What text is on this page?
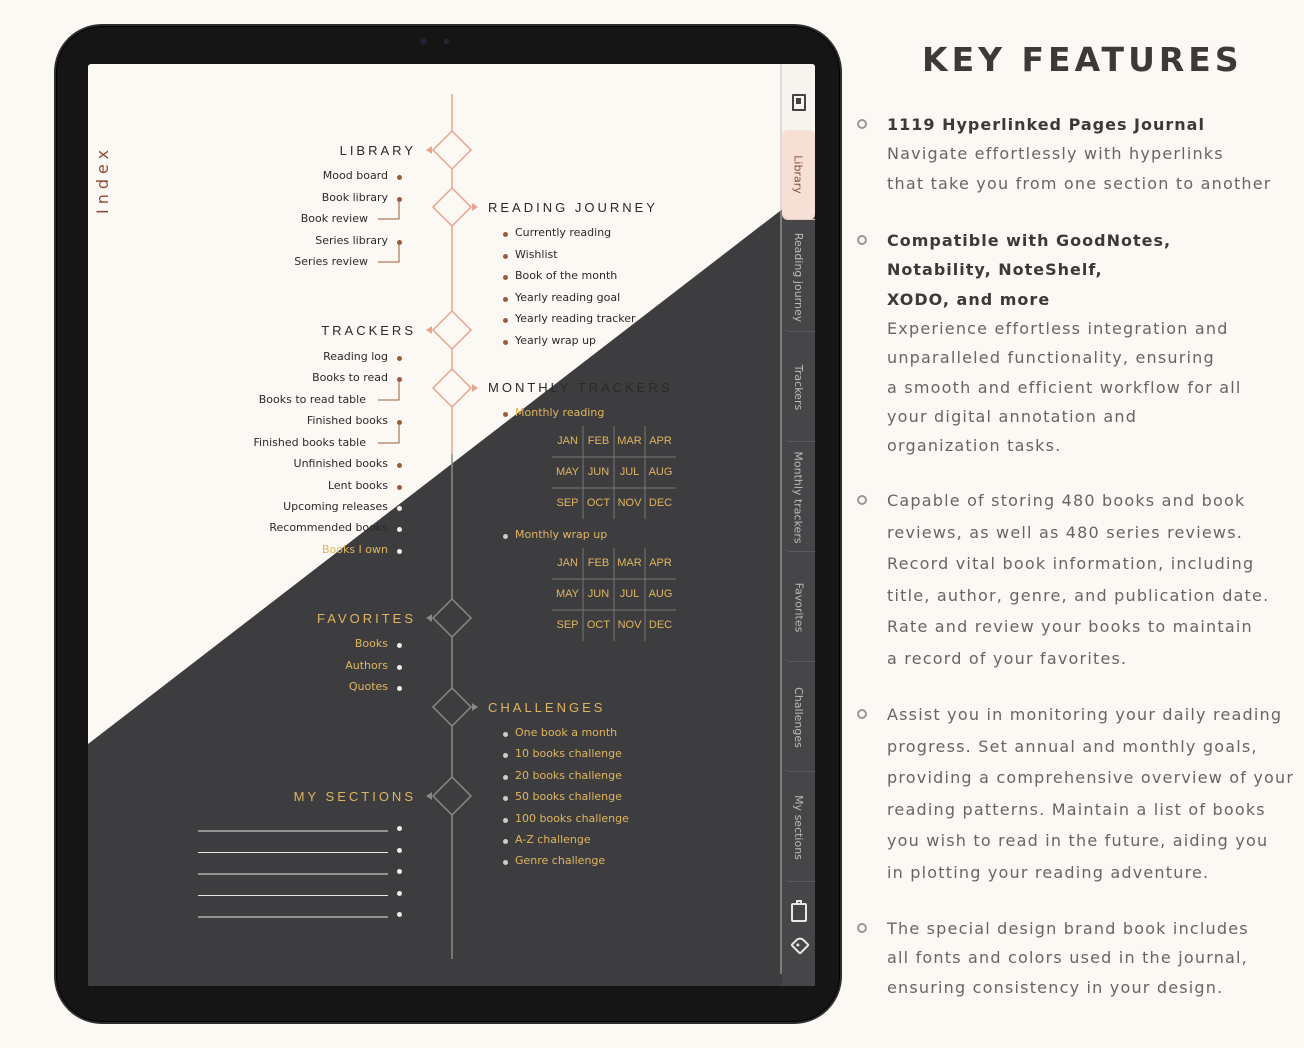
Index	LIBRARY
READING JOURNEY
TRACKERS
MONTHLY TRACKERS
FAVORITES
CHALLENGES
MY SECTIONS
Mood board
Book library
Book review
Series library
Series review
Currently reading
Wishlist
Book of the month
Yearly reading goal
Yearly reading tracker
Yearly wrap up
Reading log
Books to read
Books to read table
Finished books
Finished books table
Unfinished books
Lent books
Upcoming releases
Recommended books
Books I own
Monthly reading
JAN FEB MAR APR
MAY JUN JUL AUG
SEP OCT NOV DEC
Monthly wrap up
JAN FEB MAR APR
MAY JUN JUL AUG
SEP OCT NOV DEC
Books
Authors
Quotes
One book a month
10 books challenge
20 books challenge
50 books challenge
100 books challenge
A-Z challenge
Genre challenge
Library
Reading journey
Trackers
Monthly trackers
Favorites
Challenges
My sections
KEY FEATURES
1119 Hyperlinked Pages Journal
Navigate effortlessly with hyperlinks
that take you from one section to another
Compatible with GoodNotes,
Notability, NoteShelf,
XODO, and more
Experience effortless integration and
unparalleled functionality, ensuring
a smooth and efficient workflow for all
your digital annotation and
organization tasks.
Capable of storing 480 books and book
reviews, as well as 480 series reviews.
Record vital book information, including
title, author, genre, and publication date.
Rate and review your books to maintain
a record of your favorites.
Assist you in monitoring your daily reading
progress. Set annual and monthly goals,
providing a comprehensive overview of your
reading patterns. Maintain a list of books
you wish to read in the future, aiding you
in plotting your reading adventure.
The special design brand book includes
all fonts and colors used in the journal,
ensuring consistency in your design.
